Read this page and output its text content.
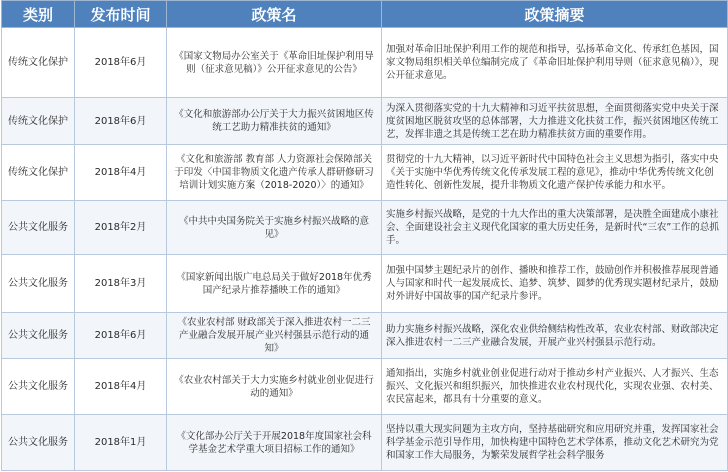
类别	发布时间	政策名	政策摘要
传统文化保护	2018年6月	《国家文物局办公室关于《革命旧址保护利用导则（征求意见稿）》公开征求意见的公告》	加强对革命旧址保护利用工作的规范和指导，弘扬革命文化、传承红色基因，国家文物局组织相关单位编制完成了《革命旧址保护利用导则（征求意见稿）》，现公开征求意见。
传统文化保护	2018年6月	《文化和旅游部办公厅关于大力振兴贫困地区传统工艺助力精准扶贫的通知》	为深入贯彻落实党的十九大精神和习近平扶贫思想，全面贯彻落实党中央关于深度贫困地区脱贫攻坚的总体部署，大力推进文化扶贫工作，振兴贫困地区传统工艺，发挥非遗之其是传统工艺在助力精准扶贫方面的重要作用。
传统文化保护	2018年4月	《文化和旅游部 教育部 人力资源社会保障部关于印发〈中国非物质文化遗产传承人群研修研习培训计划实施方案（2018-2020）〉的通知》	贯彻党的十九大精神，以习近平新时代中国特色社会主义思想为指引，落实中央《关于实施中华优秀传统文化传承发展工程的意见》，推动中华优秀传统文化创造性转化、创新性发展，提升非物质文化遗产保护传承能力和水平。
公共文化服务	2018年2月	《中共中央国务院关于实施乡村振兴战略的意见》	实施乡村振兴战略，是党的十九大作出的重大决策部署，是决胜全面建成小康社会、全面建设社会主义现代化国家的重大历史任务，是新时代“三农”工作的总抓手。
公共文化服务	2018年3月	《国家新闻出版广电总局关于做好2018年优秀国产纪录片推荐播映工作的通知》	加强中国梦主题纪录片的创作、播映和推荐工作，鼓励创作并积极推荐展现普通人与国家和时代一起发展成长、追梦、筑梦、圆梦的优秀现实题材纪录片，鼓励对外讲好中国故事的国产纪录片参评。
公共文化服务	2018年6月	《农业农村部 财政部关于深入推进农村一二三产业融合发展开展产业兴村强县示范行动的通知》	助力实施乡村振兴战略，深化农业供给侧结构性改革，农业农村部、财政部决定深入推进农村一二三产业融合发展，开展产业兴村强县示范行动。
公共文化服务	2018年4月	《农业农村部关于大力实施乡村就业创业促进行动的通知》	通知指出，实施乡村就业创业促进行动对于推动乡村产业振兴、人才振兴、生态振兴、文化振兴和组织振兴，加快推进农业农村现代化，实现农业强、农村美、农民富起来，都具有十分重要的意义。
公共文化服务	2018年1月	《文化部办公厅关于开展2018年度国家社会科学基金艺术学重大项目招标工作的通知》	坚持以重大现实问题为主攻方向，坚持基础研究和应用研究并重，发挥国家社会科学基金示范引导作用，加快构建中国特色艺术学体系，推动文化艺术研究为党和国家工作大局服务，为繁荣发展哲学社会科学服务
